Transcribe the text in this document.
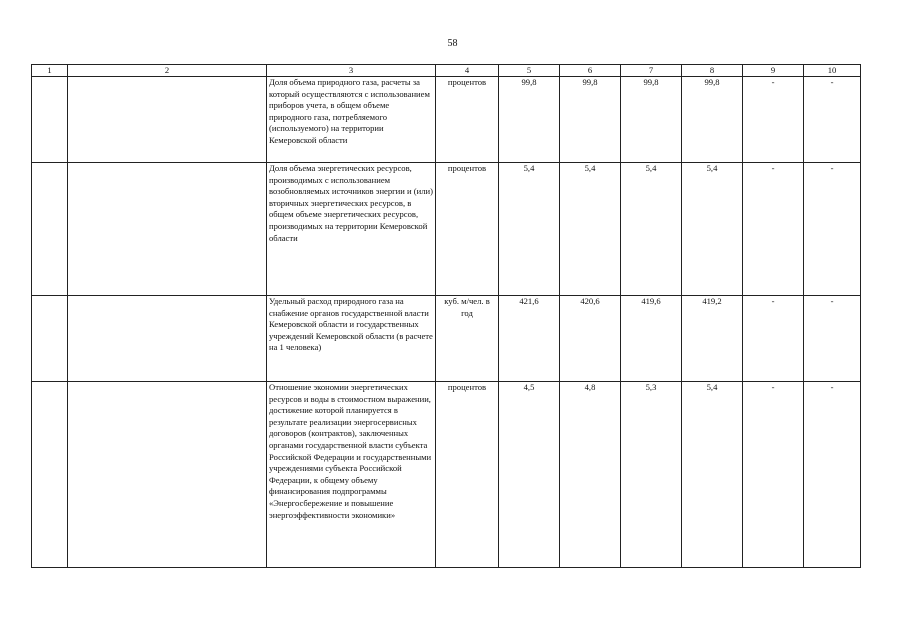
58
1	2	3	4	5	6	7	8	9	10
		Доля объема природного газа, расчеты за который осуществляются с использованием приборов учета, в общем объеме природного газа, потребляемого (используемого) на территории Кемеровской области	процентов	99,8	99,8	99,8	99,8	-	-
		Доля объема энергетических ресурсов, производимых с использованием возобновляемых источников энергии и (или) вторичных энергетических ресурсов, в общем объеме энергетических ресурсов, производимых на территории Кемеровской области	процентов	5,4	5,4	5,4	5,4	-	-
		Удельный расход природного газа на снабжение органов государственной власти Кемеровской области и государственных учреждений Кемеровской области (в расчете на 1 человека)	куб. м/чел. в год	421,6	420,6	419,6	419,2	-	-
		Отношение экономии энергетических ресурсов и воды в стоимостном выражении, достижение которой планируется в результате реализации энергосервисных договоров (контрактов), заключенных органами государственной власти субъекта Российской Федерации и государственными учреждениями субъекта Российской Федерации, к общему объему финансирования подпрограммы «Энергосбережение и повышение энергоэффективности экономики»	процентов	4,5	4,8	5,3	5,4	-	-
